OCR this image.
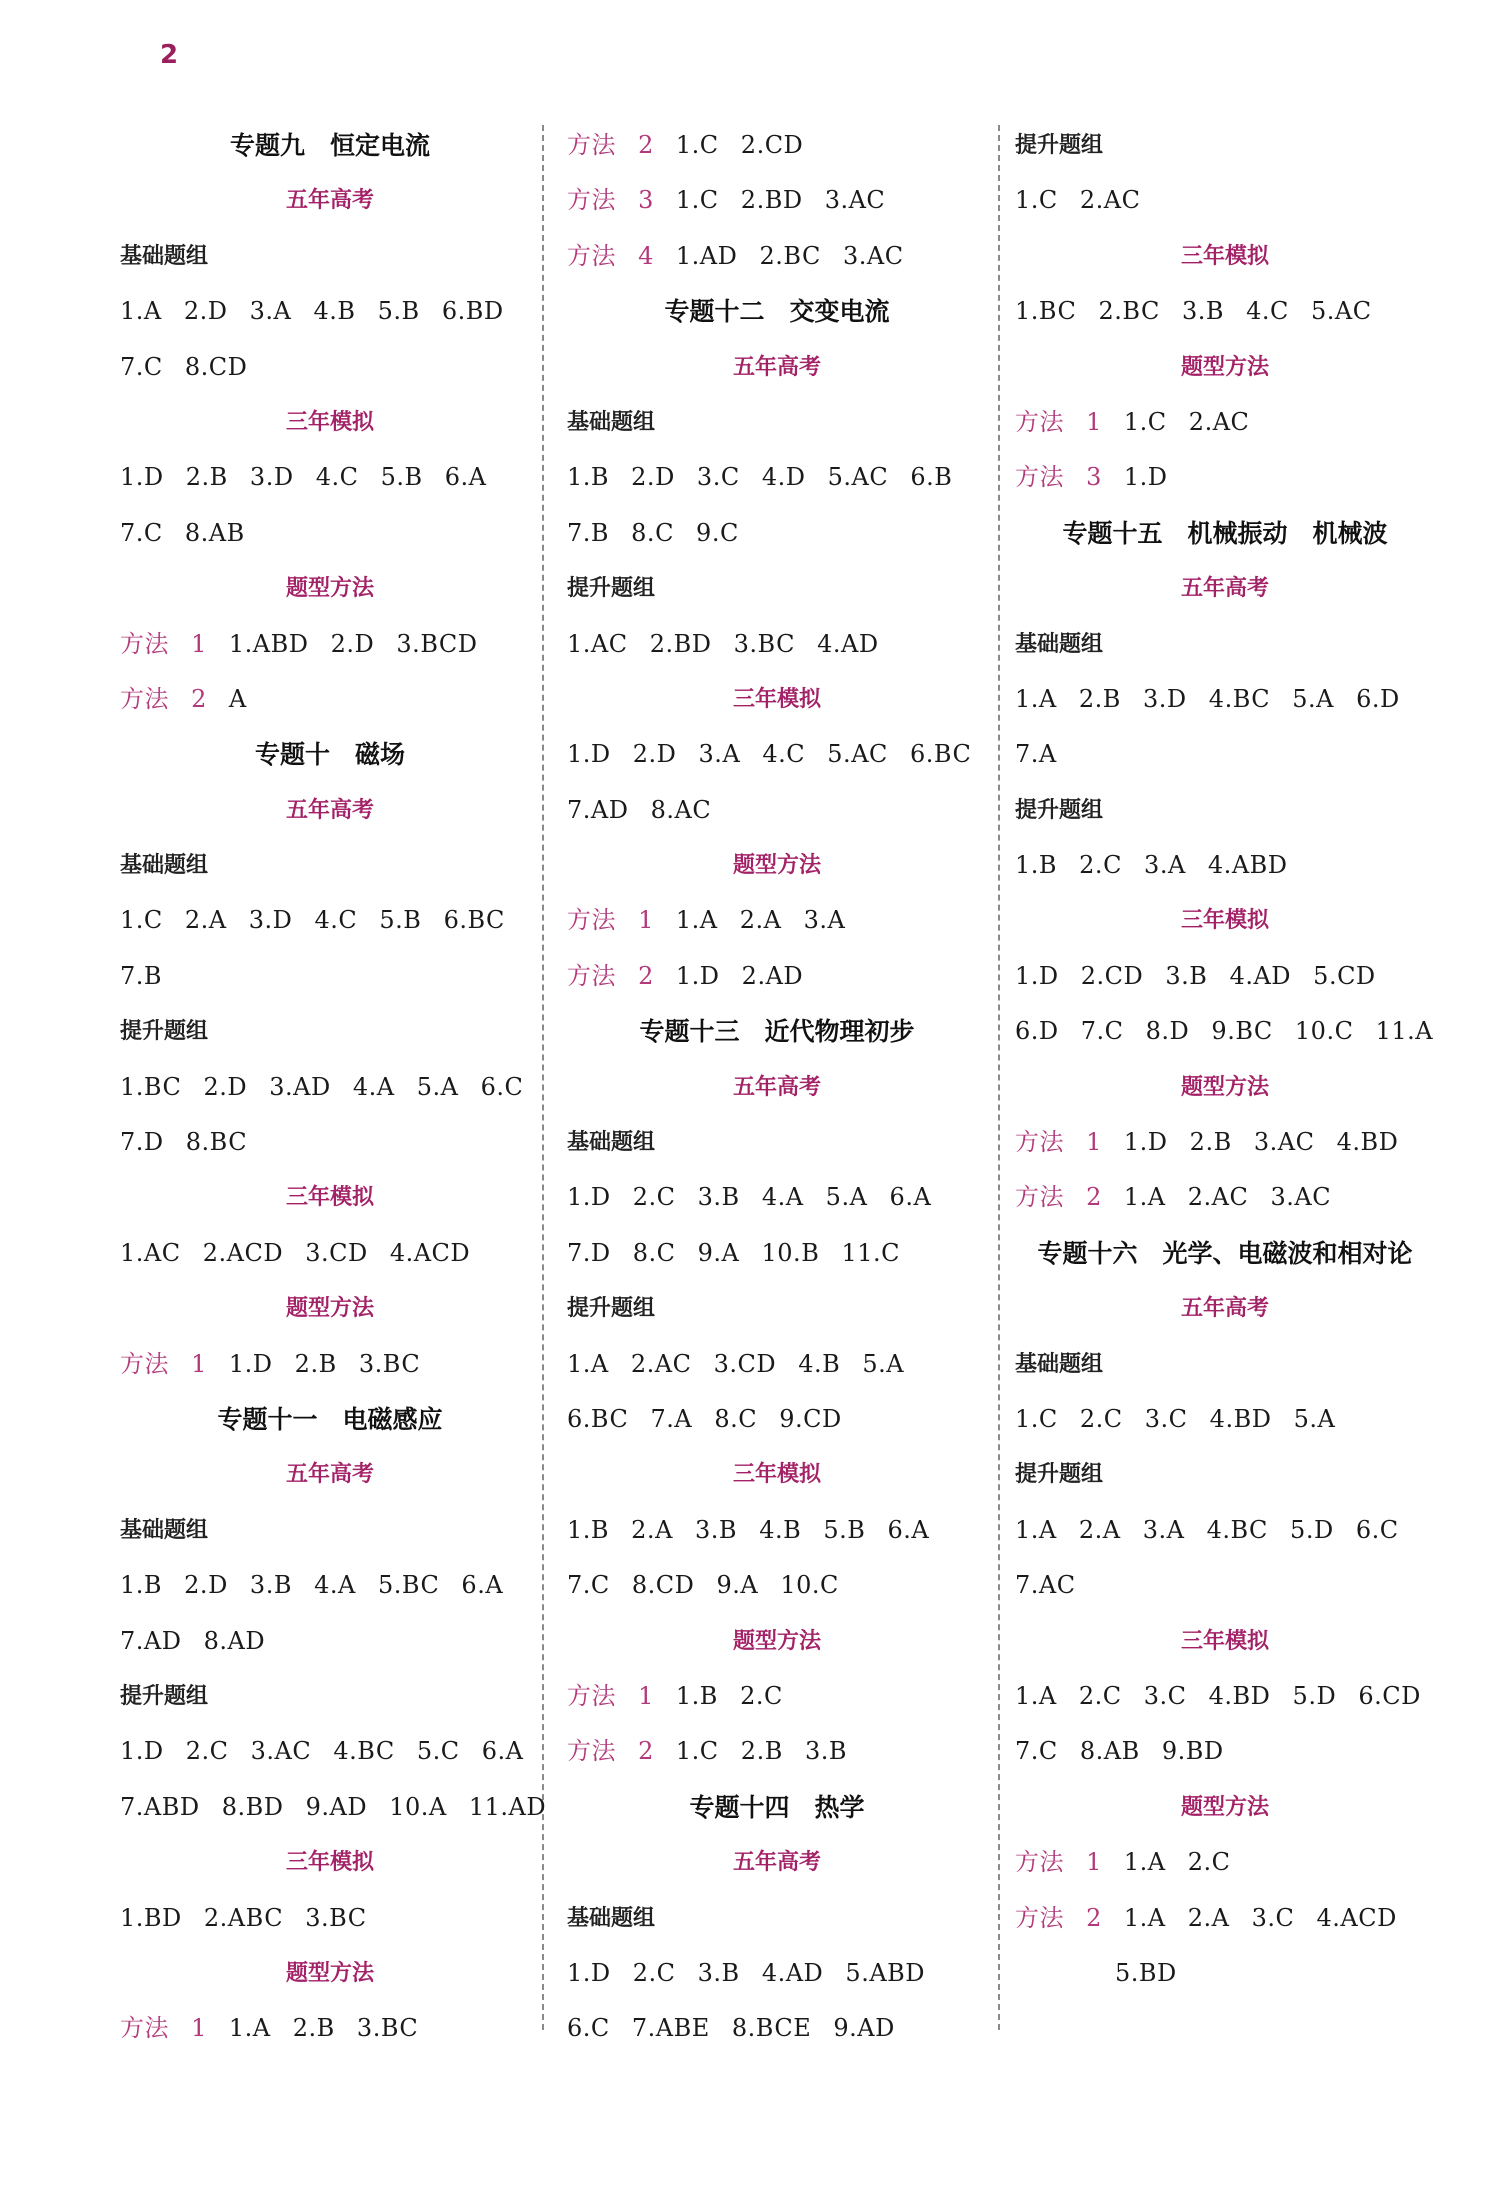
2
专题九　恒定电流
五年高考
基础题组
1.A 2.D 3.A 4.B 5.B 6.BD
7.C 8.CD
三年模拟
1.D 2.B 3.D 4.C 5.B 6.A
7.C 8.AB
题型方法
方法 1 1.ABD 2.D 3.BCD
方法 2 A
专题十　磁场
五年高考
基础题组
1.C 2.A 3.D 4.C 5.B 6.BC
7.B
提升题组
1.BC 2.D 3.AD 4.A 5.A 6.C
7.D 8.BC
三年模拟
1.AC 2.ACD 3.CD 4.ACD
题型方法
方法 1 1.D 2.B 3.BC
专题十一　电磁感应
五年高考
基础题组
1.B 2.D 3.B 4.A 5.BC 6.A
7.AD 8.AD
提升题组
1.D 2.C 3.AC 4.BC 5.C 6.A
7.ABD 8.BD 9.AD 10.A 11.AD
三年模拟
1.BD 2.ABC 3.BC
题型方法
方法 1 1.A 2.B 3.BC
方法 2 1.C 2.CD
方法 3 1.C 2.BD 3.AC
方法 4 1.AD 2.BC 3.AC
专题十二　交变电流
五年高考
基础题组
1.B 2.D 3.C 4.D 5.AC 6.B
7.B 8.C 9.C
提升题组
1.AC 2.BD 3.BC 4.AD
三年模拟
1.D 2.D 3.A 4.C 5.AC 6.BC
7.AD 8.AC
题型方法
方法 1 1.A 2.A 3.A
方法 2 1.D 2.AD
专题十三　近代物理初步
五年高考
基础题组
1.D 2.C 3.B 4.A 5.A 6.A
7.D 8.C 9.A 10.B 11.C
提升题组
1.A 2.AC 3.CD 4.B 5.A
6.BC 7.A 8.C 9.CD
三年模拟
1.B 2.A 3.B 4.B 5.B 6.A
7.C 8.CD 9.A 10.C
题型方法
方法 1 1.B 2.C
方法 2 1.C 2.B 3.B
专题十四　热学
五年高考
基础题组
1.D 2.C 3.B 4.AD 5.ABD
6.C 7.ABE 8.BCE 9.AD
提升题组
1.C 2.AC
三年模拟
1.BC 2.BC 3.B 4.C 5.AC
题型方法
方法 1 1.C 2.AC
方法 3 1.D
专题十五　机械振动　机械波
五年高考
基础题组
1.A 2.B 3.D 4.BC 5.A 6.D
7.A
提升题组
1.B 2.C 3.A 4.ABD
三年模拟
1.D 2.CD 3.B 4.AD 5.CD
6.D 7.C 8.D 9.BC 10.C 11.A
题型方法
方法 1 1.D 2.B 3.AC 4.BD
方法 2 1.A 2.AC 3.AC
专题十六　光学、电磁波和相对论
五年高考
基础题组
1.C 2.C 3.C 4.BD 5.A
提升题组
1.A 2.A 3.A 4.BC 5.D 6.C
7.AC
三年模拟
1.A 2.C 3.C 4.BD 5.D 6.CD
7.C 8.AB 9.BD
题型方法
方法 1 1.A 2.C
方法 2 1.A 2.A 3.C 4.ACD
5.BD
